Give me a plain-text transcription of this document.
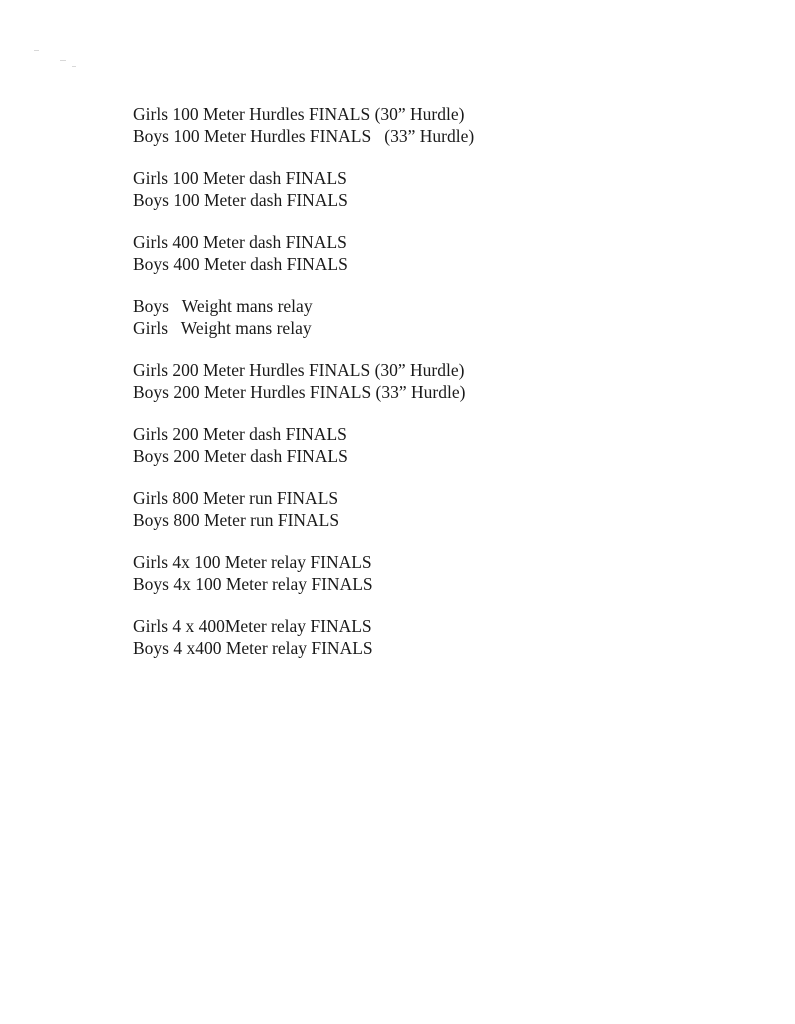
Girls 100 Meter Hurdles FINALS (30” Hurdle)
Boys 100 Meter Hurdles FINALS   (33” Hurdle)
Girls 100 Meter dash FINALS
Boys 100 Meter dash FINALS
Girls 400 Meter dash FINALS
Boys 400 Meter dash FINALS
Boys   Weight mans relay
Girls   Weight mans relay
Girls 200 Meter Hurdles FINALS (30” Hurdle)
Boys 200 Meter Hurdles FINALS (33” Hurdle)
Girls 200 Meter dash FINALS
Boys 200 Meter dash FINALS
Girls 800 Meter run FINALS
Boys 800 Meter run FINALS
Girls 4x 100 Meter relay FINALS
Boys 4x 100 Meter relay FINALS
Girls 4 x 400Meter relay FINALS
Boys 4 x400 Meter relay FINALS
